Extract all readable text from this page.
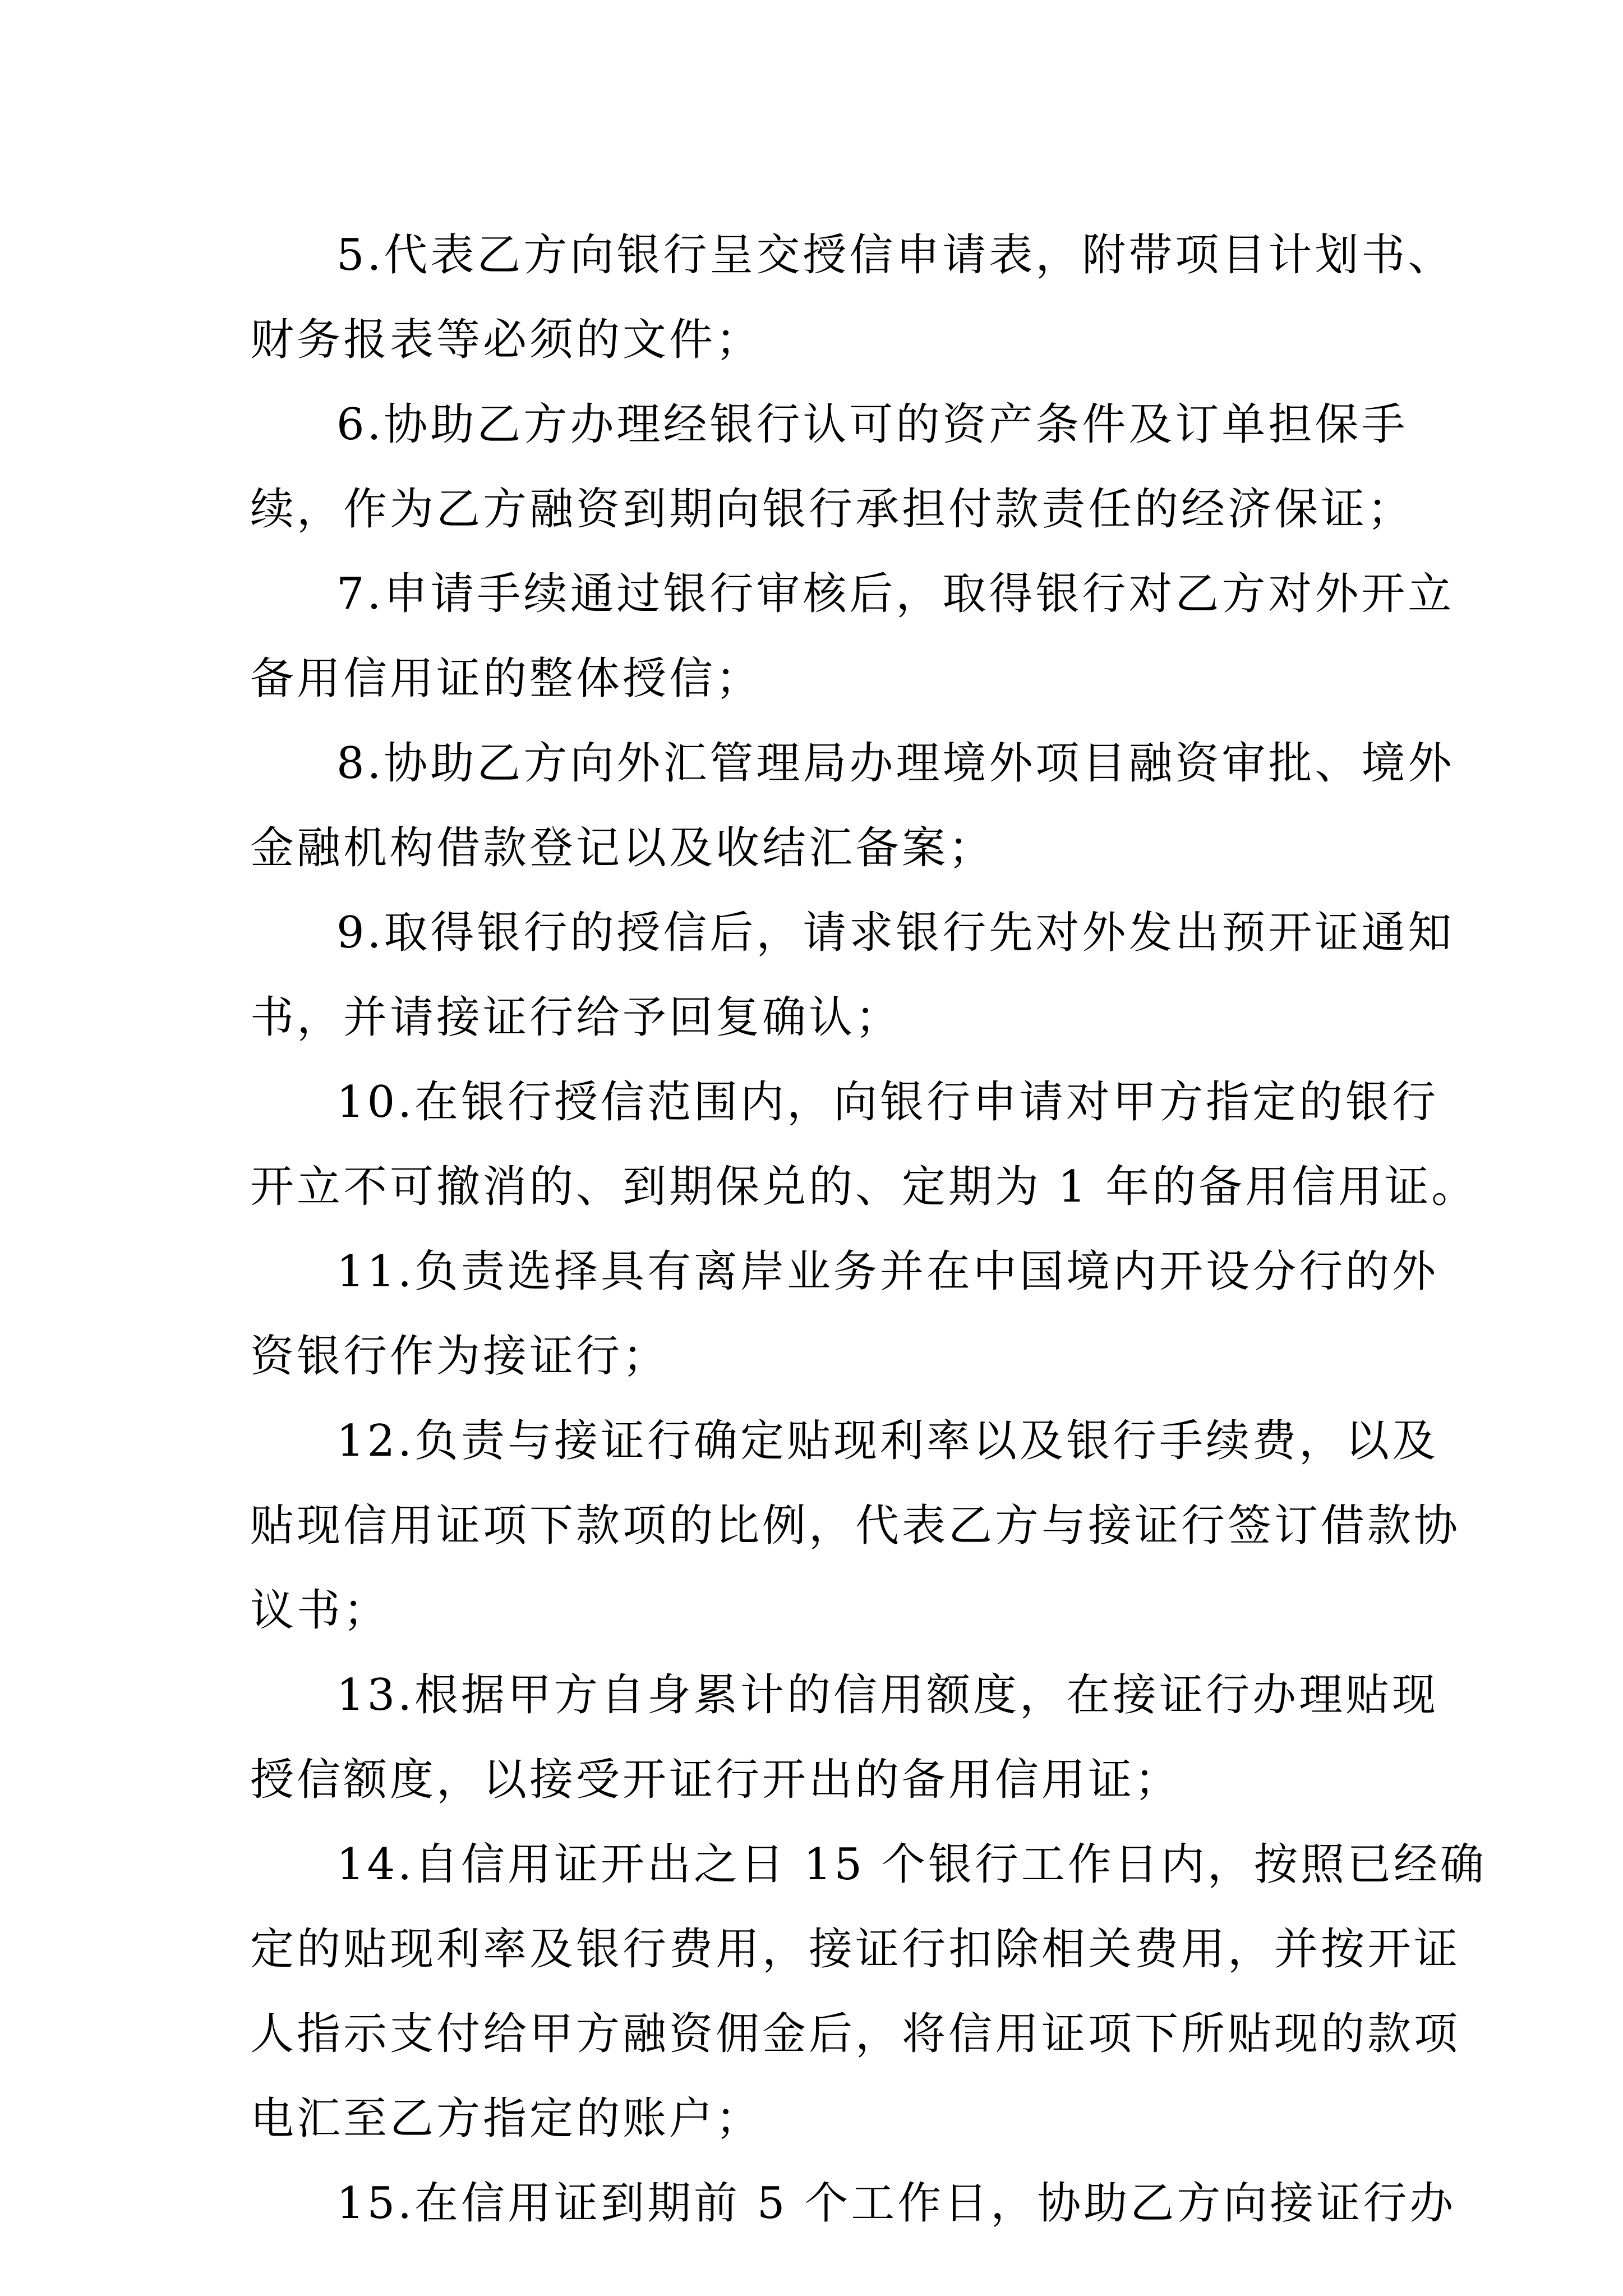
5.代表乙方向银行呈交授信申请表，附带项目计划书、
财务报表等必须的文件；
6.协助乙方办理经银行认可的资产条件及订单担保手
续，作为乙方融资到期向银行承担付款责任的经济保证；
7.申请手续通过银行审核后，取得银行对乙方对外开立
备用信用证的整体授信；
8.协助乙方向外汇管理局办理境外项目融资审批、境外
金融机构借款登记以及收结汇备案；
9.取得银行的授信后，请求银行先对外发出预开证通知
书，并请接证行给予回复确认；
10.在银行授信范围内，向银行申请对甲方指定的银行
开立不可撤消的、到期保兑的、定期为 1 年的备用信用证。
11.负责选择具有离岸业务并在中国境内开设分行的外
资银行作为接证行；
12.负责与接证行确定贴现利率以及银行手续费，以及
贴现信用证项下款项的比例，代表乙方与接证行签订借款协
议书；
13.根据甲方自身累计的信用额度，在接证行办理贴现
授信额度，以接受开证行开出的备用信用证；
14.自信用证开出之日 15 个银行工作日内，按照已经确
定的贴现利率及银行费用，接证行扣除相关费用，并按开证
人指示支付给甲方融资佣金后，将信用证项下所贴现的款项
电汇至乙方指定的账户；
15.在信用证到期前 5 个工作日，协助乙方向接证行办
